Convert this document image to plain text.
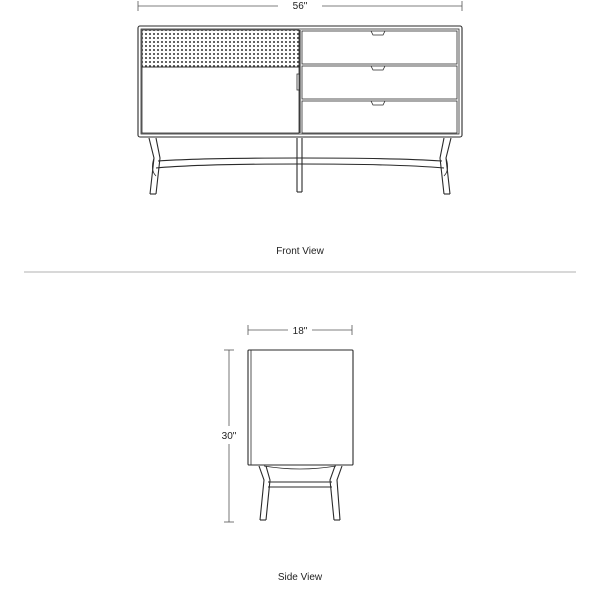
56"
Front View
18"
30"
Side View
